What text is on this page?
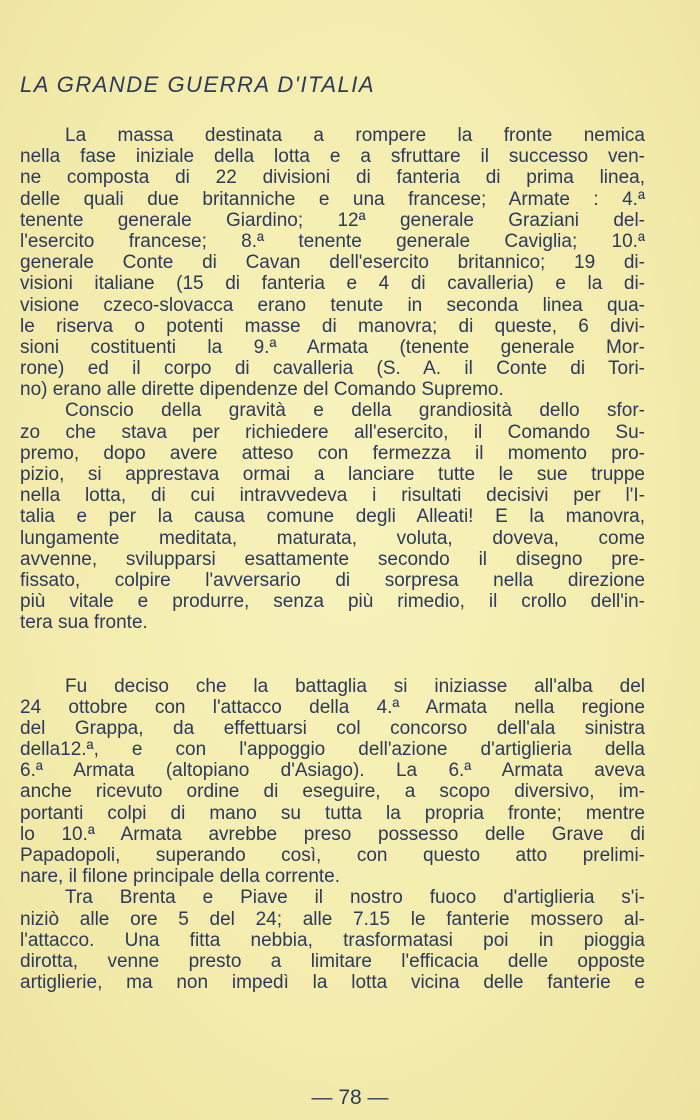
LA GRANDE GUERRA D'ITALIA
La massa destinata a rompere la fronte nemica
nella fase iniziale della lotta e a sfruttare il successo ven-
ne composta di 22 divisioni di fanteria di prima linea,
delle quali due britanniche e una francese; Armate : 4.ª
tenente generale Giardino; 12ª generale Graziani del-
l'esercito francese; 8.ª tenente generale Caviglia; 10.ª
generale Conte di Cavan dell'esercito britannico; 19 di-
visioni italiane (15 di fanteria e 4 di cavalleria) e la di-
visione czeco-slovacca erano tenute in seconda linea qua-
le riserva o potenti masse di manovra; di queste, 6 divi-
sioni costituenti la 9.ª Armata (tenente generale Mor-
rone) ed il corpo di cavalleria (S. A. il Conte di Tori-
no) erano alle dirette dipendenze del Comando Supremo.
Conscio della gravità e della grandiosità dello sfor-
zo che stava per richiedere all'esercito, il Comando Su-
premo, dopo avere atteso con fermezza il momento pro-
pizio, si apprestava ormai a lanciare tutte le sue truppe
nella lotta, di cui intravvedeva i risultati decisivi per l'I-
talia e per la causa comune degli Alleati! E la manovra,
lungamente meditata, maturata, voluta, doveva, come
avvenne, svilupparsi esattamente secondo il disegno pre-
fissato, colpire l'avversario di sorpresa nella direzione
più vitale e produrre, senza più rimedio, il crollo dell'in-
tera sua fronte.
Fu deciso che la battaglia si iniziasse all'alba del
24 ottobre con l'attacco della 4.ª Armata nella regione
del Grappa, da effettuarsi col concorso dell'ala sinistra
della12.ª, e con l'appoggio dell'azione d'artiglieria della
6.ª Armata (altopiano d'Asiago). La 6.ª Armata aveva
anche ricevuto ordine di eseguire, a scopo diversivo, im-
portanti colpi di mano su tutta la propria fronte; mentre
lo 10.ª Armata avrebbe preso possesso delle Grave di
Papadopoli, superando così, con questo atto prelimi-
nare, il filone principale della corrente.
Tra Brenta e Piave il nostro fuoco d'artiglieria s'i-
niziò alle ore 5 del 24; alle 7.15 le fanterie mossero al-
l'attacco. Una fitta nebbia, trasformatasi poi in pioggia
dirotta, venne presto a limitare l'efficacia delle opposte
artiglierie, ma non impedì la lotta vicina delle fanterie e
— 78 —
